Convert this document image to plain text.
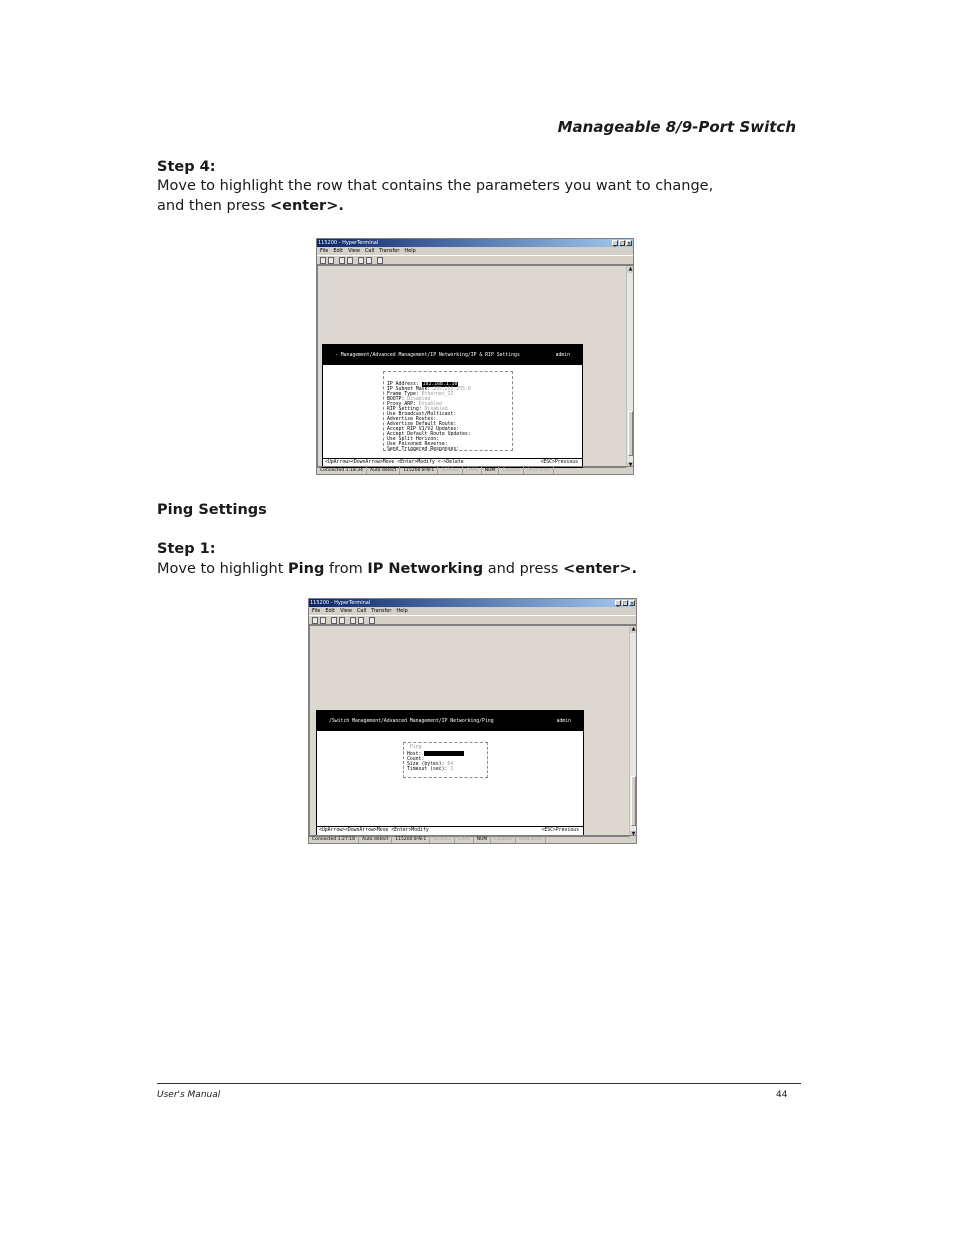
Manageable 8/9-Port Switch
Step 4:
Move to highlight the row that contains the parameters you want to change,
and then press <enter>.
115200 - HyperTerminal	_ □ ×
File Edit View Call Transfer Help
▲
▼
- Management/Advanced Management/IP Networking/IP & RIP Settings	admin
IP Address: 192.168.1.10
IP Subnet Mask: 255.255.255.0
Frame Type: Ethernet_II
BOOTP: Disabled
Proxy ARP: Disabled
RIP Setting: Disabled
Use Broadcast/Multicast:
Advertise Routes:
Advertise Default Route:
Accept RIP V1/V2 Updates:
Accept Default Route Updates:
Use Split Horizon:
Use Poisoned Reverse:
Send Triggered Responses:
<UpArrow><DownArrow>Move <Enter>Modify <->Delete	<ESC>Previous
Connected 1:18:34	Auto detect	115200 8-N-1	SCROLL	CAPS	NUM	Capture	Print echo
Ping Settings
Step 1:
Move to highlight Ping from IP Networking and press <enter>.
115200 - HyperTerminal	_ □ ×
File Edit View Call Transfer Help
▲
▼
/Switch Management/Advanced Management/IP Networking/Ping	admin
Ping
Host:
Count:
Size (bytes): 64
Timeout (sec): 1
<UpArrow><DownArrow>Move <Enter>Modify	<ESC>Previous
Connected 1:27:18	Auto detect	115200 8-N-1	SCROLL	CAPS	NUM	Capture	Print echo
User's Manual	44
